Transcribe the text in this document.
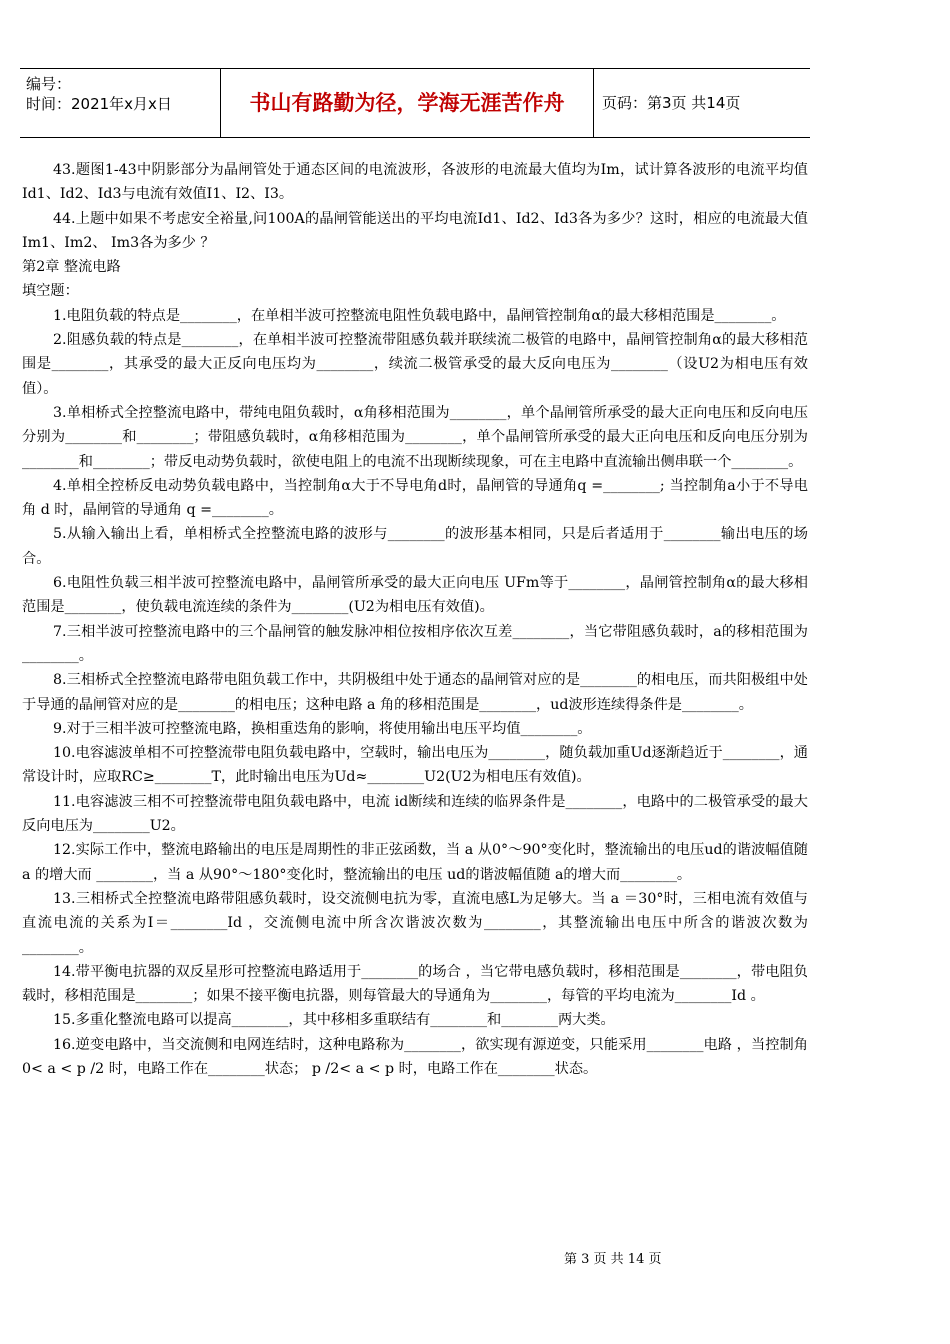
编号：
时间：2021年x月x日	书山有路勤为径，学海无涯苦作舟	页码：第3页 共14页

43.题图1-43中阴影部分为晶闸管处于通态区间的电流波形，各波形的电流最大值均为Im，试计算各波形的电流平均值Id1、Id2、Id3与电流有效值I1、I2、I3。

44.上题中如果不考虑安全裕量,问100A的晶闸管能送出的平均电流Id1、Id2、Id3各为多少？这时，相应的电流最大值Im1、Im2、 Im3各为多少 ？

第2章 整流电路

填空题：

1.电阻负载的特点是________，在单相半波可控整流电阻性负载电路中，晶闸管控制角α的最大移相范围是________。

2.阻感负载的特点是________，在单相半波可控整流带阻感负载并联续流二极管的电路中，晶闸管控制角α的最大移相范围是________，其承受的最大正反向电压均为________，续流二极管承受的最大反向电压为________（设U2为相电压有效值）。

3.单相桥式全控整流电路中，带纯电阻负载时，α角移相范围为________，单个晶闸管所承受的最大正向电压和反向电压分别为________和________；带阻感负载时，α角移相范围为________，单个晶闸管所承受的最大正向电压和反向电压分别为________和________；带反电动势负载时，欲使电阻上的电流不出现断续现象，可在主电路中直流输出侧串联一个________。

4.单相全控桥反电动势负载电路中，当控制角α大于不导电角d时，晶闸管的导通角q =________; 当控制角a小于不导电角 d 时，晶闸管的导通角 q =________。

5.从输入输出上看，单相桥式全控整流电路的波形与________的波形基本相同，只是后者适用于________输出电压的场合。

6.电阻性负载三相半波可控整流电路中，晶闸管所承受的最大正向电压 UFm等于________，晶闸管控制角α的最大移相范围是________，使负载电流连续的条件为________(U2为相电压有效值)。

7.三相半波可控整流电路中的三个晶闸管的触发脉冲相位按相序依次互差________，当它带阻感负载时，a的移相范围为________。

8.三相桥式全控整流电路带电阻负载工作中，共阴极组中处于通态的晶闸管对应的是________的相电压，而共阳极组中处于导通的晶闸管对应的是________的相电压；这种电路 a 角的移相范围是________，ud波形连续得条件是________。

9.对于三相半波可控整流电路，换相重迭角的影响，将使用输出电压平均值________。

10.电容滤波单相不可控整流带电阻负载电路中，空载时，输出电压为________，随负载加重Ud逐渐趋近于________，通常设计时，应取RC≥________T，此时输出电压为Ud≈________U2(U2为相电压有效值)。

11.电容滤波三相不可控整流带电阻负载电路中，电流 id断续和连续的临界条件是________，电路中的二极管承受的最大反向电压为________U2。

12.实际工作中，整流电路输出的电压是周期性的非正弦函数，当 a 从0°～90°变化时，整流输出的电压ud的谐波幅值随 a 的增大而 ________，当 a 从90°～180°变化时，整流输出的电压 ud的谐波幅值随 a的增大而________。

13.三相桥式全控整流电路带阻感负载时，设交流侧电抗为零，直流电感L为足够大。当 a ＝30°时，三相电流有效值与直流电流的关系为I＝________Id ，交流侧电流中所含次谐波次数为________，其整流输出电压中所含的谐波次数为________。

14.带平衡电抗器的双反星形可控整流电路适用于________的场合 ，当它带电感负载时，移相范围是________，带电阻负载时，移相范围是________；如果不接平衡电抗器，则每管最大的导通角为________，每管的平均电流为________Id 。

15.多重化整流电路可以提高________，其中移相多重联结有________和________两大类。

16.逆变电路中，当交流侧和电网连结时，这种电路称为________，欲实现有源逆变，只能采用________电路 ，当控制角 0< a < p /2 时，电路工作在________状态； p /2< a < p 时，电路工作在________状态。

第 3 页 共 14 页
